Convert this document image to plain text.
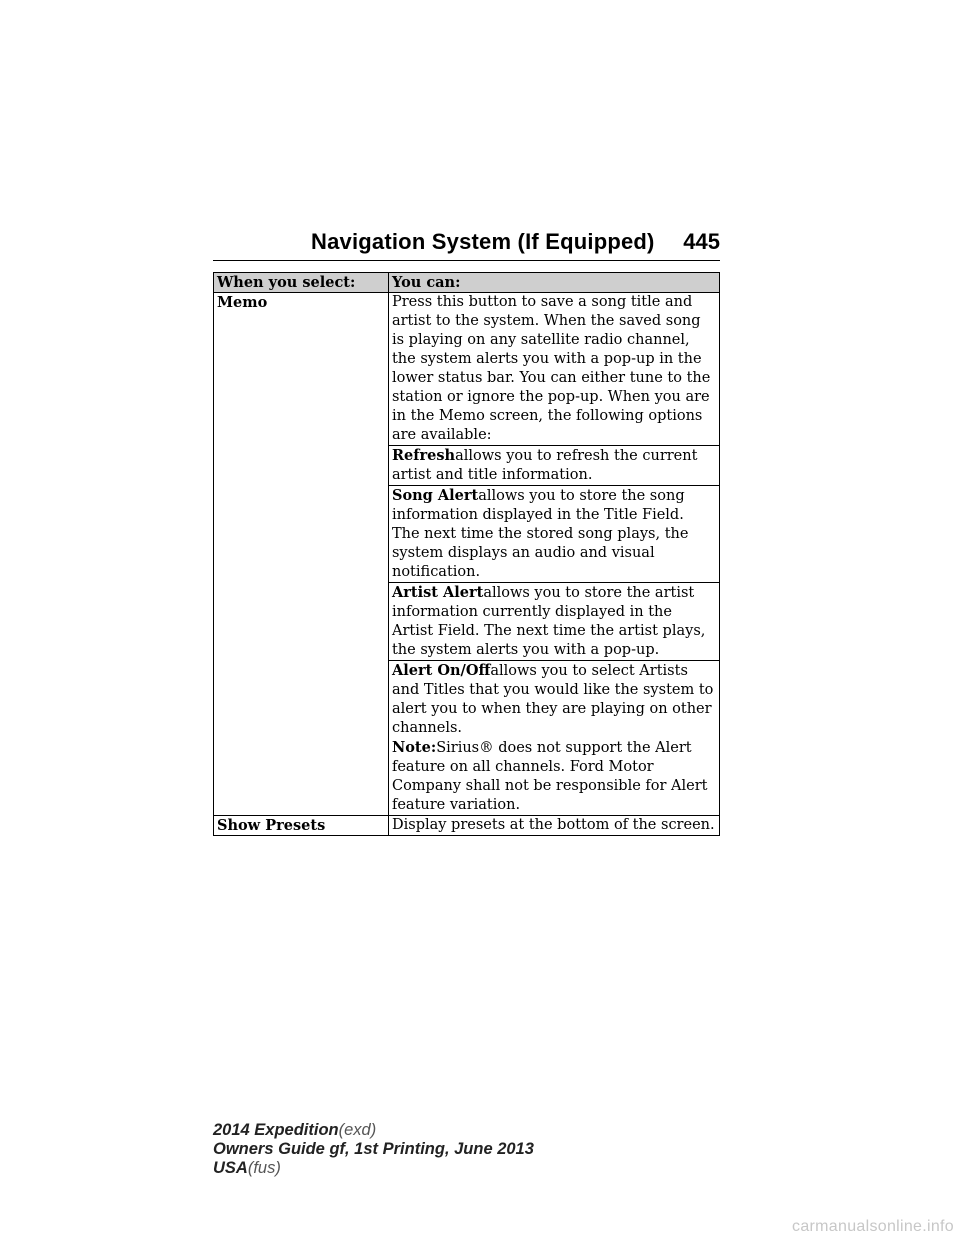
Navigation System (If Equipped) 445
When you select:	You can:
Memo	Press this button to save a song title and artist to the system. When the saved song is playing on any satellite radio channel, the system alerts you with a pop-up in the lower status bar. You can either tune to the station or ignore the pop-up. When you are in the Memo screen, the following options are available:
	Refreshallows you to refresh the current artist and title information.
	Song Alertallows you to store the song information displayed in the Title Field. The next time the stored song plays, the system displays an audio and visual notification.
	Artist Alertallows you to store the artist information currently displayed in the Artist Field. The next time the artist plays, the system alerts you with a pop-up.
	Alert On/Offallows you to select Artists and Titles that you would like the system to alert you to when they are playing on other channels.
Note:Sirius® does not support the Alert feature on all channels. Ford Motor Company shall not be responsible for Alert feature variation.
Show Presets	Display presets at the bottom of the screen.
2014 Expedition(exd)
Owners Guide gf, 1st Printing, June 2013
USA(fus)
carmanualsonline.info
